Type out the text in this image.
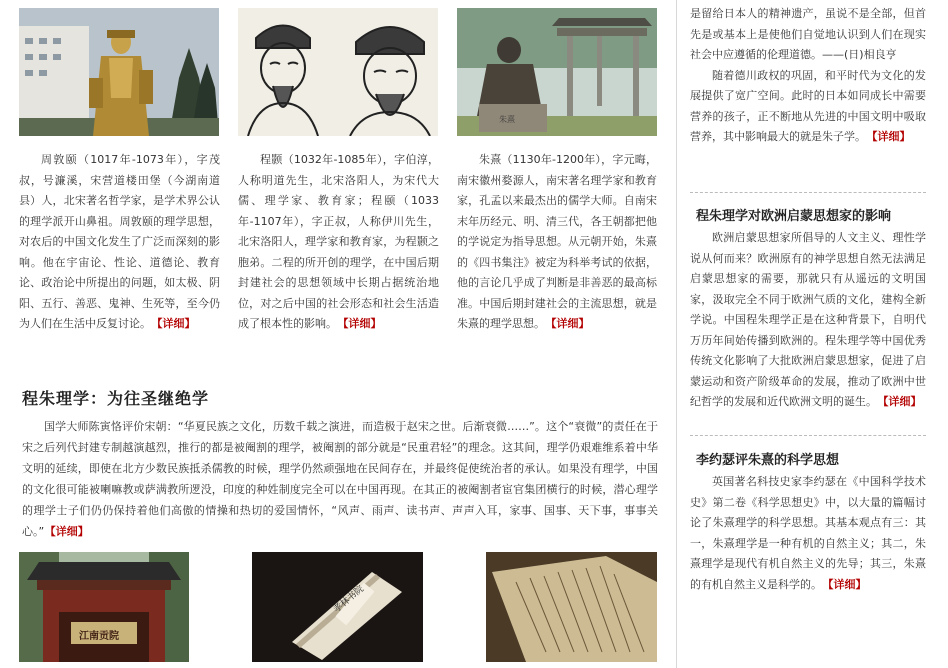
朱熹

周敦颐（1017年-1073年），字茂叔，号濂溪，宋营道楼田堡（今湖南道县）人，北宋著名哲学家，是学术界公认的理学派开山鼻祖。周敦颐的理学思想，对农后的中国文化发生了广泛而深刻的影响。他在宇宙论、性论、道德论、教育论、政治论中所提出的问题，如太极、阴阳、五行、善恶、鬼神、生死等，至今仍为人们在生活中反复讨论。 【详细】

程颢（1032年-1085年），字伯淳，人称明道先生，北宋洛阳人，为宋代大儒、理学家、教育家；程颐（1033年-1107年），字正叔，人称伊川先生，北宋洛阳人，理学家和教育家，为程颢之胞弟。二程的所开创的理学，在中国后期封建社会的思想领域中长期占据统治地位，对之后中国的社会形态和社会生活造成了根本性的影响。 【详细】

朱熹（1130年-1200年），字元晦，南宋徽州婺源人，南宋著名理学家和教育家，孔孟以来最杰出的儒学大师。自南宋末年历经元、明、清三代，各王朝都把他的学说定为指导思想。从元朝开始，朱熹的《四书集注》被定为科举考试的依据，他的言论几乎成了判断是非善恶的最高标准。中国后期封建社会的主流思想，就是朱熹的理学思想。 【详细】

程朱理学：为往圣继绝学

国学大师陈寅恪评价宋朝：“华夏民族之文化，历数千载之演进，而造极于赵宋之世。后渐衰微……”。这个“衰微”的责任在于宋之后列代封建专制越演越烈，推行的都是被阉割的理学，被阉割的部分就是“民重君轻”的理念。这其间，理学仍艰难维系着中华文明的延续，即使在北方少数民族抵杀儒教的时候，理学仍然顽强地在民间存在，并最终促使统治者的承认。如果没有理学，中国的文化很可能被喇嘛教或萨满教所逻没，印度的种姓制度完全可以在中国再现。在其正的被阉割者宦官集团横行的时候，潜心理学的理学士子们仍仍保持着他们高傲的情操和热切的爱国情怀，“风声、雨声、读书声、声声入耳，家事、国事、天下事，事事关心。” 【详细】

江南贡院
孝林书院

是留给日本人的精神遗产，虽说不是全部，但首先是或基本上是使他们自觉地认识到人们在现实社会中应遵循的伦理道德。——(日)相良亨

随着德川政权的巩固，和平时代为文化的发展提供了宽广空间。此时的日本如同成长中需要营养的孩子，正不断地从先进的中国文明中吸取营养，其中影响最大的就是朱子学。 【详细】

程朱理学对欧洲启蒙思想家的影响

欧洲启蒙思想家所倡导的人文主义、理性学说从何而来？欧洲原有的神学思想自然无法满足启蒙思想家的需要，那就只有从遥远的文明国家，汲取完全不同于欧洲气质的文化，建构全新学说。中国程朱理学正是在这种背景下，自明代万历年间始传播到欧洲的。程朱理学等中国优秀传统文化影响了大批欧洲启蒙思想家，促进了启蒙运动和资产阶级革命的发展，推动了欧洲中世纪哲学的发展和近代欧洲文明的诞生。 【详细】

李约瑟评朱熹的科学思想

英国著名科技史家李约瑟在《中国科学技术史》第二卷《科学思想史》中，以大量的篇幅讨论了朱熹理学的科学思想。其基本观点有三：其一，朱熹理学是一种有机的自然主义；其二，朱熹理学是现代有机自然主义的先导；其三，朱熹的有机自然主义是科学的。 【详细】
